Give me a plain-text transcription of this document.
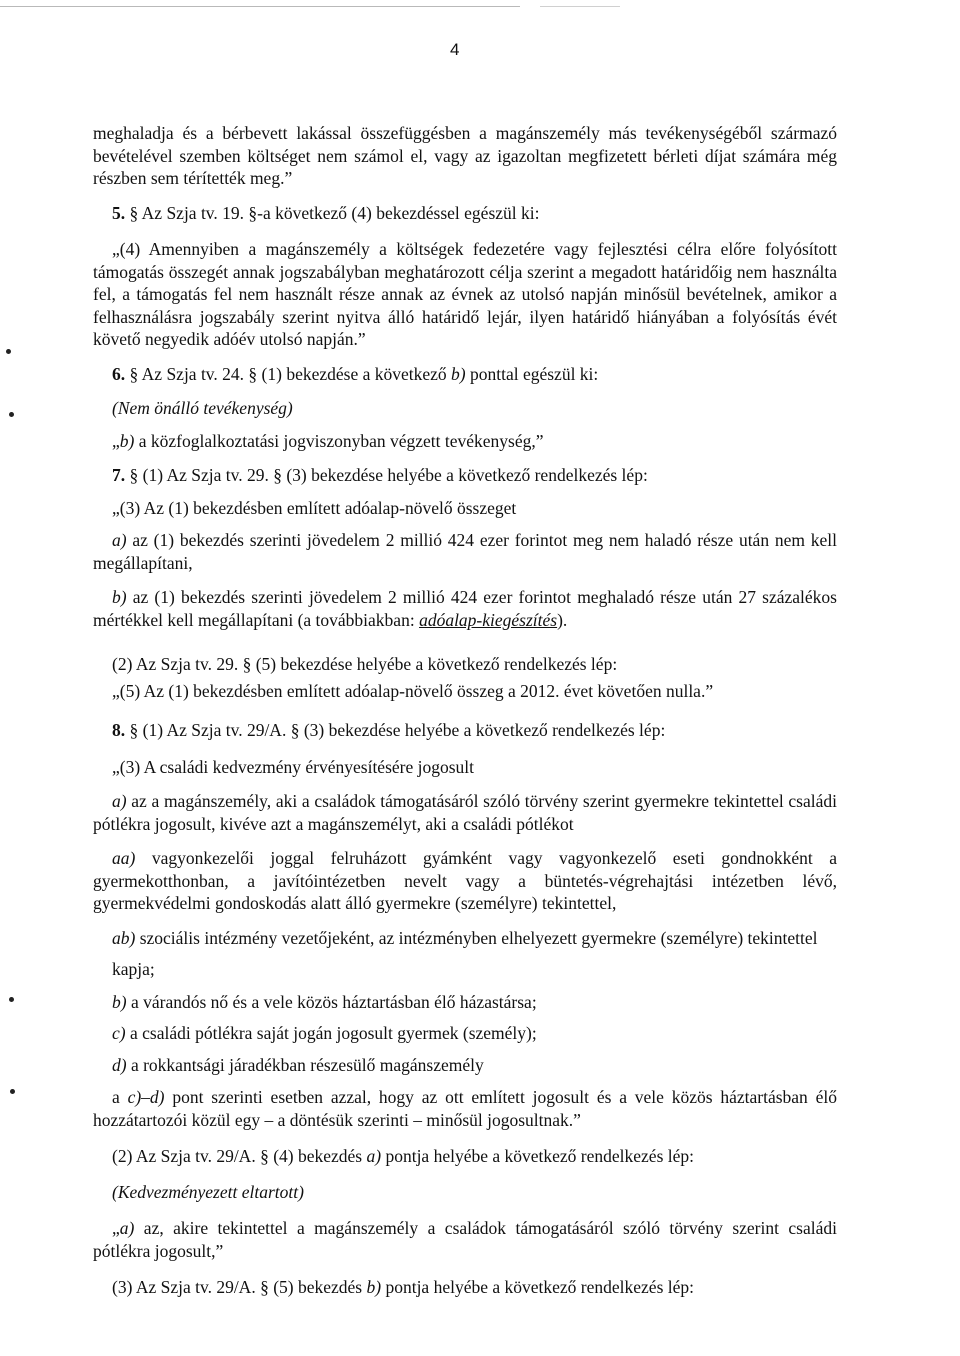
4

meghaladja és a bérbevett lakással összefüggésben a magánszemély más tevékenységéből származó bevételével szemben költséget nem számol el, vagy az igazoltan megfizetett bérleti díjat számára még részben sem térítették meg.”

5. § Az Szja tv. 19. §-a következő (4) bekezdéssel egészül ki:

„(4) Amennyiben a magánszemély a költségek fedezetére vagy fejlesztési célra előre folyósított támogatás összegét annak jogszabályban meghatározott célja szerint a megadott határidőig nem használta fel, a támogatás fel nem használt része annak az évnek az utolsó napján minősül bevételnek, amikor a felhasználásra jogszabály szerint nyitva álló határidő lejár, ilyen határidő hiányában a folyósítás évét követő negyedik adóév utolsó napján.”

6. § Az Szja tv. 24. § (1) bekezdése a következő b) ponttal egészül ki:

(Nem önálló tevékenység)

„b) a közfoglalkoztatási jogviszonyban végzett tevékenység,”

7. § (1) Az Szja tv. 29. § (3) bekezdése helyébe a következő rendelkezés lép:

„(3) Az (1) bekezdésben említett adóalap-növelő összeget

a) az (1) bekezdés szerinti jövedelem 2 millió 424 ezer forintot meg nem haladó része után nem kell megállapítani,

b) az (1) bekezdés szerinti jövedelem 2 millió 424 ezer forintot meghaladó része után 27 százalékos mértékkel kell megállapítani (a továbbiakban: adóalap-kiegészítés).

(2) Az Szja tv. 29. § (5) bekezdése helyébe a következő rendelkezés lép:

„(5) Az (1) bekezdésben említett adóalap-növelő összeg a 2012. évet követően nulla.”

8. § (1) Az Szja tv. 29/A. § (3) bekezdése helyébe a következő rendelkezés lép:

„(3) A családi kedvezmény érvényesítésére jogosult

a) az a magánszemély, aki a családok támogatásáról szóló törvény szerint gyermekre tekintettel családi pótlékra jogosult, kivéve azt a magánszemélyt, aki a családi pótlékot

aa) vagyonkezelői joggal felruházott gyámként vagy vagyonkezelő eseti gondnokként a gyermekotthonban, a javítóintézetben nevelt vagy a büntetés-végrehajtási intézetben lévő, gyermekvédelmi gondoskodás alatt álló gyermekre (személyre) tekintettel,

ab) szociális intézmény vezetőjeként, az intézményben elhelyezett gyermekre (személyre) tekintettel

kapja;

b) a várandós nő és a vele közös háztartásban élő házastársa;

c) a családi pótlékra saját jogán jogosult gyermek (személy);

d) a rokkantsági járadékban részesülő magánszemély

a c)–d) pont szerinti esetben azzal, hogy az ott említett jogosult és a vele közös háztartásban élő hozzátartozói közül egy – a döntésük szerinti – minősül jogosultnak.”

(2) Az Szja tv. 29/A. § (4) bekezdés a) pontja helyébe a következő rendelkezés lép:

(Kedvezményezett eltartott)

„a) az, akire tekintettel a magánszemély a családok támogatásáról szóló törvény szerint családi pótlékra jogosult,”

(3) Az Szja tv. 29/A. § (5) bekezdés b) pontja helyébe a következő rendelkezés lép:
